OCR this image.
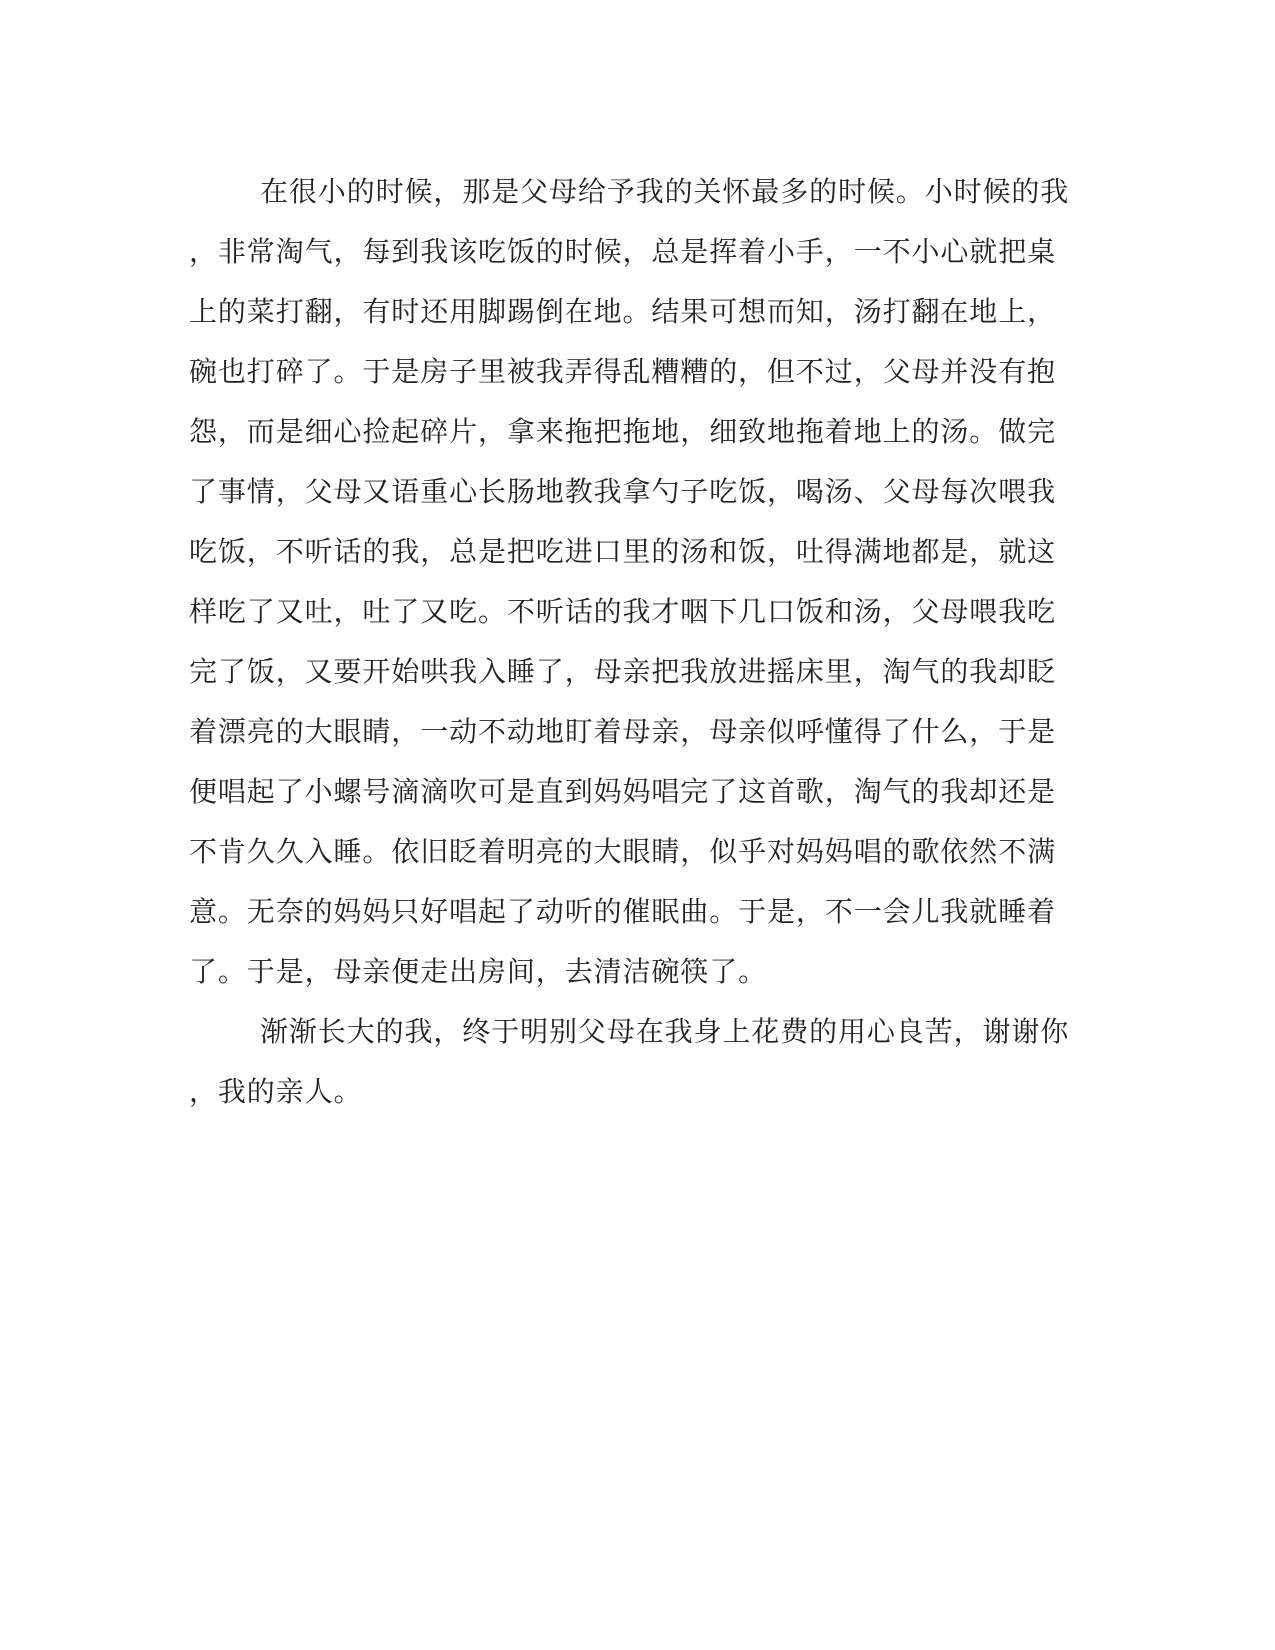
在很小的时候，那是父母给予我的关怀最多的时候。小时候的我
，非常淘气，每到我该吃饭的时候，总是挥着小手，一不小心就把桌
上的菜打翻，有时还用脚踢倒在地。结果可想而知，汤打翻在地上，
碗也打碎了。于是房子里被我弄得乱糟糟的，但不过，父母并没有抱
怨，而是细心捡起碎片，拿来拖把拖地，细致地拖着地上的汤。做完
了事情，父母又语重心长肠地教我拿勺子吃饭，喝汤、父母每次喂我
吃饭，不听话的我，总是把吃进口里的汤和饭，吐得满地都是，就这
样吃了又吐，吐了又吃。不听话的我才咽下几口饭和汤，父母喂我吃
完了饭，又要开始哄我入睡了，母亲把我放进摇床里，淘气的我却眨
着漂亮的大眼睛，一动不动地盯着母亲，母亲似呼懂得了什么，于是
便唱起了小螺号滴滴吹可是直到妈妈唱完了这首歌，淘气的我却还是
不肯久久入睡。依旧眨着明亮的大眼睛，似乎对妈妈唱的歌依然不满
意。无奈的妈妈只好唱起了动听的催眠曲。于是，不一会儿我就睡着
了。于是，母亲便走出房间，去清洁碗筷了。
渐渐长大的我，终于明别父母在我身上花费的用心良苦，谢谢你
，我的亲人。
